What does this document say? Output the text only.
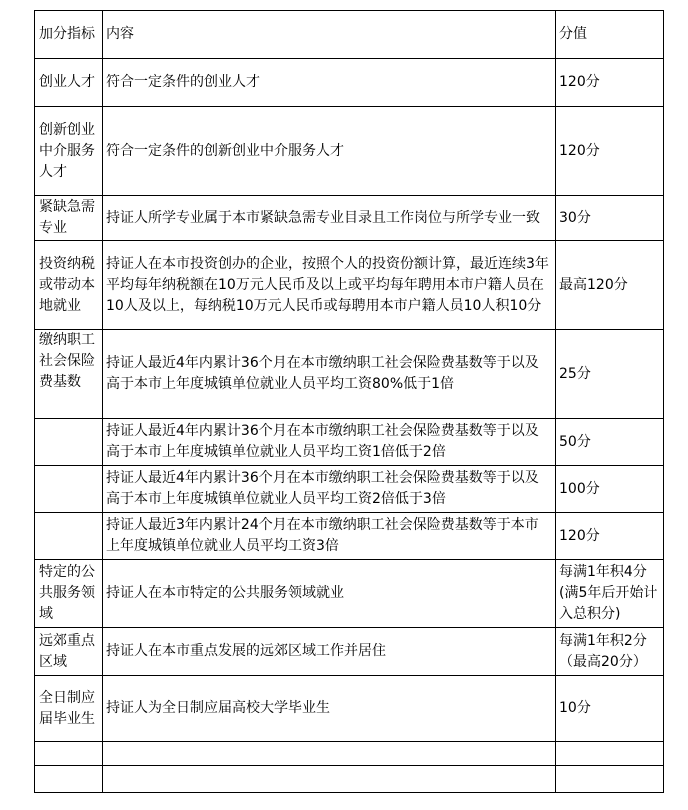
加分指标	内容	分值

创业人才	符合一定条件的创业人才	120分

创新创业中介服务人才	符合一定条件的创新创业中介服务人才	120分

紧缺急需专业	持证人所学专业属于本市紧缺急需专业目录且工作岗位与所学专业一致	30分

投资纳税或带动本地就业	持证人在本市投资创办的企业，按照个人的投资份额计算，最近连续3年平均每年纳税额在10万元人民币及以上或平均每年聘用本市户籍人员在10人及以上，每纳税10万元人民币或每聘用本市户籍人员10人积10分	最高120分

缴纳职工社会保险费基数	持证人最近4年内累计36个月在本市缴纳职工社会保险费基数等于以及高于本市上年度城镇单位就业人员平均工资80%低于1倍	25分

	持证人最近4年内累计36个月在本市缴纳职工社会保险费基数等于以及高于本市上年度城镇单位就业人员平均工资1倍低于2倍	50分

	持证人最近4年内累计36个月在本市缴纳职工社会保险费基数等于以及高于本市上年度城镇单位就业人员平均工资2倍低于3倍	100分

	持证人最近3年内累计24个月在本市缴纳职工社会保险费基数等于本市上年度城镇单位就业人员平均工资3倍	120分

特定的公共服务领域	持证人在本市特定的公共服务领域就业	每满1年积4分(满5年后开始计入总积分)

远郊重点区域	持证人在本市重点发展的远郊区域工作并居住	每满1年积2分（最高20分）

全日制应届毕业生	持证人为全日制应届高校大学毕业生	10分
